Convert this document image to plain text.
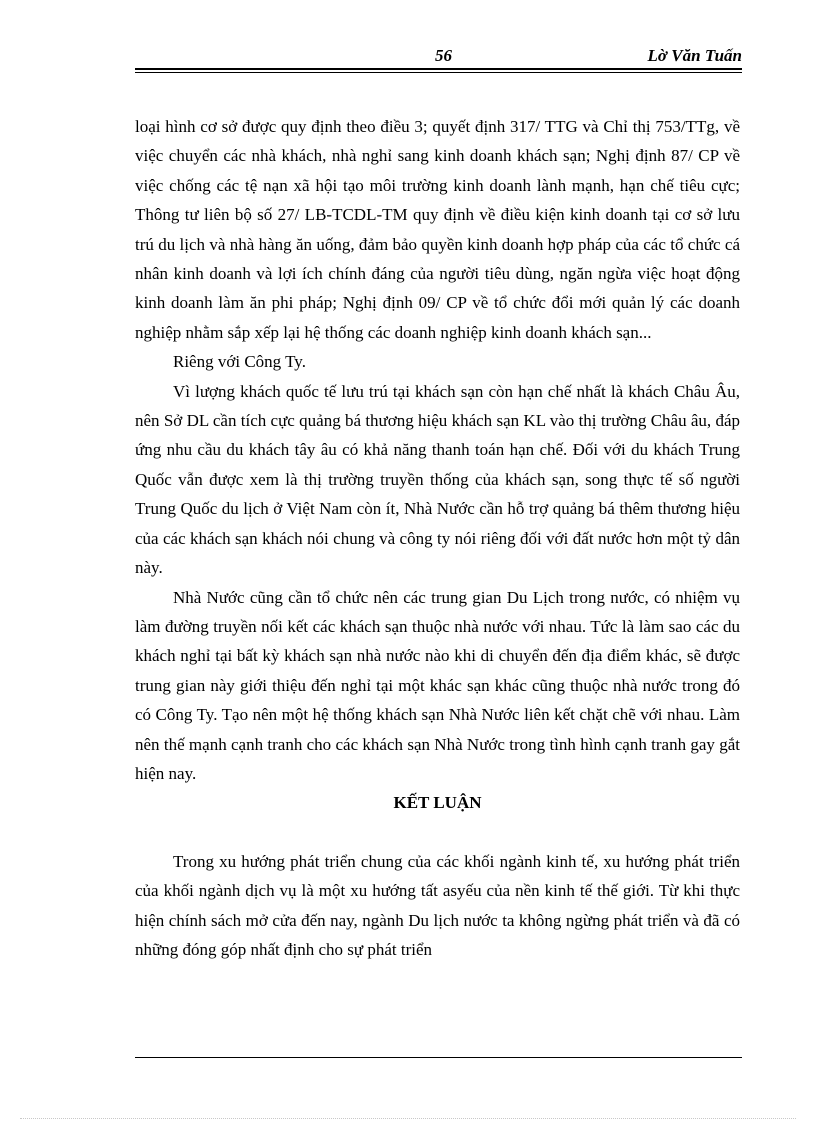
56	Lờ Văn Tuấn

loại hình cơ sở được quy định theo điều 3; quyết định 317/ TTG và Chỉ thị 753/TTg, về việc chuyển các nhà khách, nhà nghỉ sang kinh doanh khách sạn; Nghị định 87/ CP về việc chống các tệ nạn xã hội tạo môi trường kinh doanh lành mạnh, hạn chế tiêu cực; Thông tư liên bộ số 27/ LB-TCDL-TM quy định về điều kiện kinh doanh tại cơ sở lưu trú du lịch và nhà hàng ăn uống, đảm bảo quyền kinh doanh hợp pháp của các tổ chức cá nhân kinh doanh và lợi ích chính đáng của người tiêu dùng, ngăn ngừa việc hoạt động kinh doanh làm ăn phi pháp; Nghị định 09/ CP về tổ chức đổi mới quản lý các doanh nghiệp nhằm sắp xếp lại hệ thống các doanh nghiệp kinh doanh khách sạn...

Riêng với Công Ty.

Vì lượng khách quốc tế lưu trú tại khách sạn còn hạn chế nhất là khách Châu Âu, nên Sở DL cần tích cực quảng bá thương hiệu khách sạn KL vào thị trường Châu âu, đáp ứng nhu cầu du khách tây âu có khả năng thanh toán hạn chế. Đối với du khách Trung Quốc vẫn được xem là thị trường truyền thống của khách sạn, song thực tế số người Trung Quốc du lịch ở Việt Nam còn ít, Nhà Nước cần hỗ trợ quảng bá thêm thương hiệu của các khách sạn khách nói chung và công ty nói riêng đối với đất nước hơn một tỷ dân này.

Nhà Nước cũng cần tổ chức nên các trung gian Du Lịch trong nước, có nhiệm vụ làm đường truyền nối kết các khách sạn thuộc nhà nước với nhau. Tức là làm sao các du khách nghỉ tại bất kỳ khách sạn nhà nước nào khi di chuyển đến địa điểm khác, sẽ được trung gian này giới thiệu đến nghỉ tại một khác sạn khác cũng thuộc nhà nước trong đó có Công Ty. Tạo nên một hệ thống khách sạn Nhà Nước liên kết chặt chẽ với nhau. Làm nên thế mạnh cạnh tranh cho các khách sạn Nhà Nước trong tình hình cạnh tranh gay gắt hiện nay.

KẾT LUẬN

Trong xu hướng phát triển chung của các khối ngành kinh tế, xu hướng phát triển của khối ngành dịch vụ là một xu hướng tất asyếu của nền kinh tế thế giới. Từ khi thực hiện chính sách mở cửa đến nay, ngành Du lịch nước ta không ngừng phát triển và đã có những đóng góp nhất định cho sự phát triển
